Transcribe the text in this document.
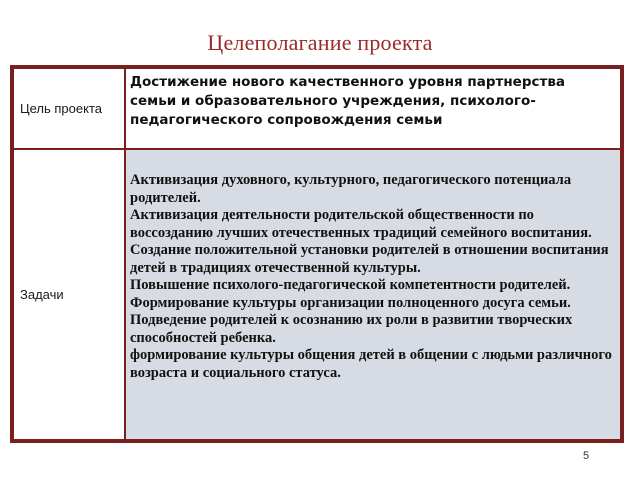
Целеполагание проекта
Цель проекта
Достижение нового качественного уровня партнерства семьи и образовательного учреждения, психолого- педагогического сопровождения семьи
Задачи
Активизация духовного, культурного, педагогического потенциала родителей.
Активизация деятельности родительской общественности по воссозданию лучших отечественных традиций семейного воспитания.
Создание положительной установки родителей в отношении воспитания детей в традициях отечественной культуры.
Повышение психолого-педагогической компетентности родителей.
Формирование культуры организации полноценного досуга семьи.
Подведение родителей к осознанию их роли в развитии творческих способностей ребенка.
формирование культуры общения детей в общении с людьми различного возраста и социального статуса.
5
